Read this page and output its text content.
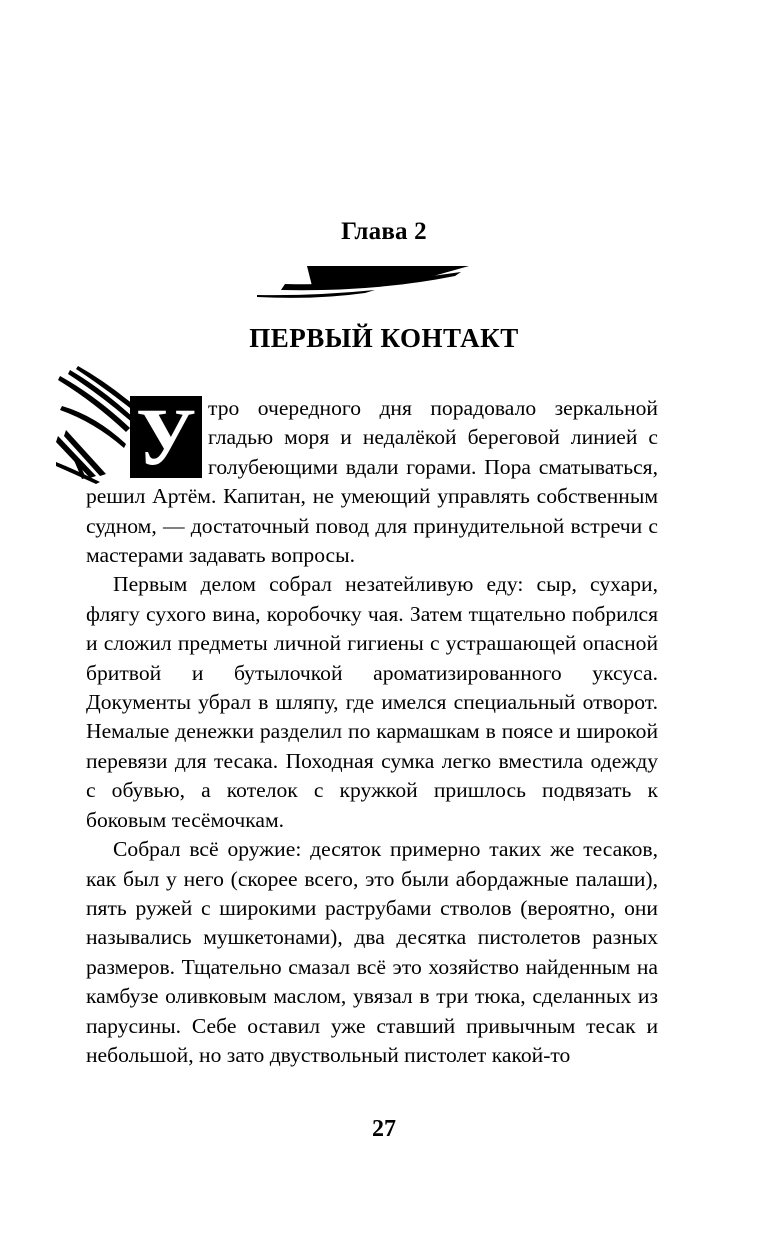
Глава 2
ПЕРВЫЙ КОНТАКТ
У тро очередного дня порадовало зеркальной гладью моря и недалёкой береговой линией с голубеющими вдали горами. Пора сматываться, решил Артём. Капитан, не умеющий управлять собственным судном, — достаточный повод для принудительной встречи с мастерами задавать вопросы.

Первым делом собрал незатейливую еду: сыр, сухари, флягу сухого вина, коробочку чая. Затем тщательно побрился и сложил предметы личной гигиены с устрашающей опасной бритвой и бутылочкой ароматизированного уксуса. Документы убрал в шляпу, где имелся специальный отворот. Немалые денежки разделил по кармашкам в поясе и широкой перевязи для тесака. Походная сумка легко вместила одежду с обувью, а котелок с кружкой пришлось подвязать к боковым тесёмочкам.

Собрал всё оружие: десяток примерно таких же тесаков, как был у него (скорее всего, это были абордажные палаши), пять ружей с широкими раструбами стволов (вероятно, они назывались мушкетонами), два десятка пистолетов разных размеров. Тщательно смазал всё это хозяйство найденным на камбузе оливковым маслом, увязал в три тюка, сделанных из парусины. Себе оставил уже ставший привычным тесак и небольшой, но зато двуствольный пистолет какой-то

27
